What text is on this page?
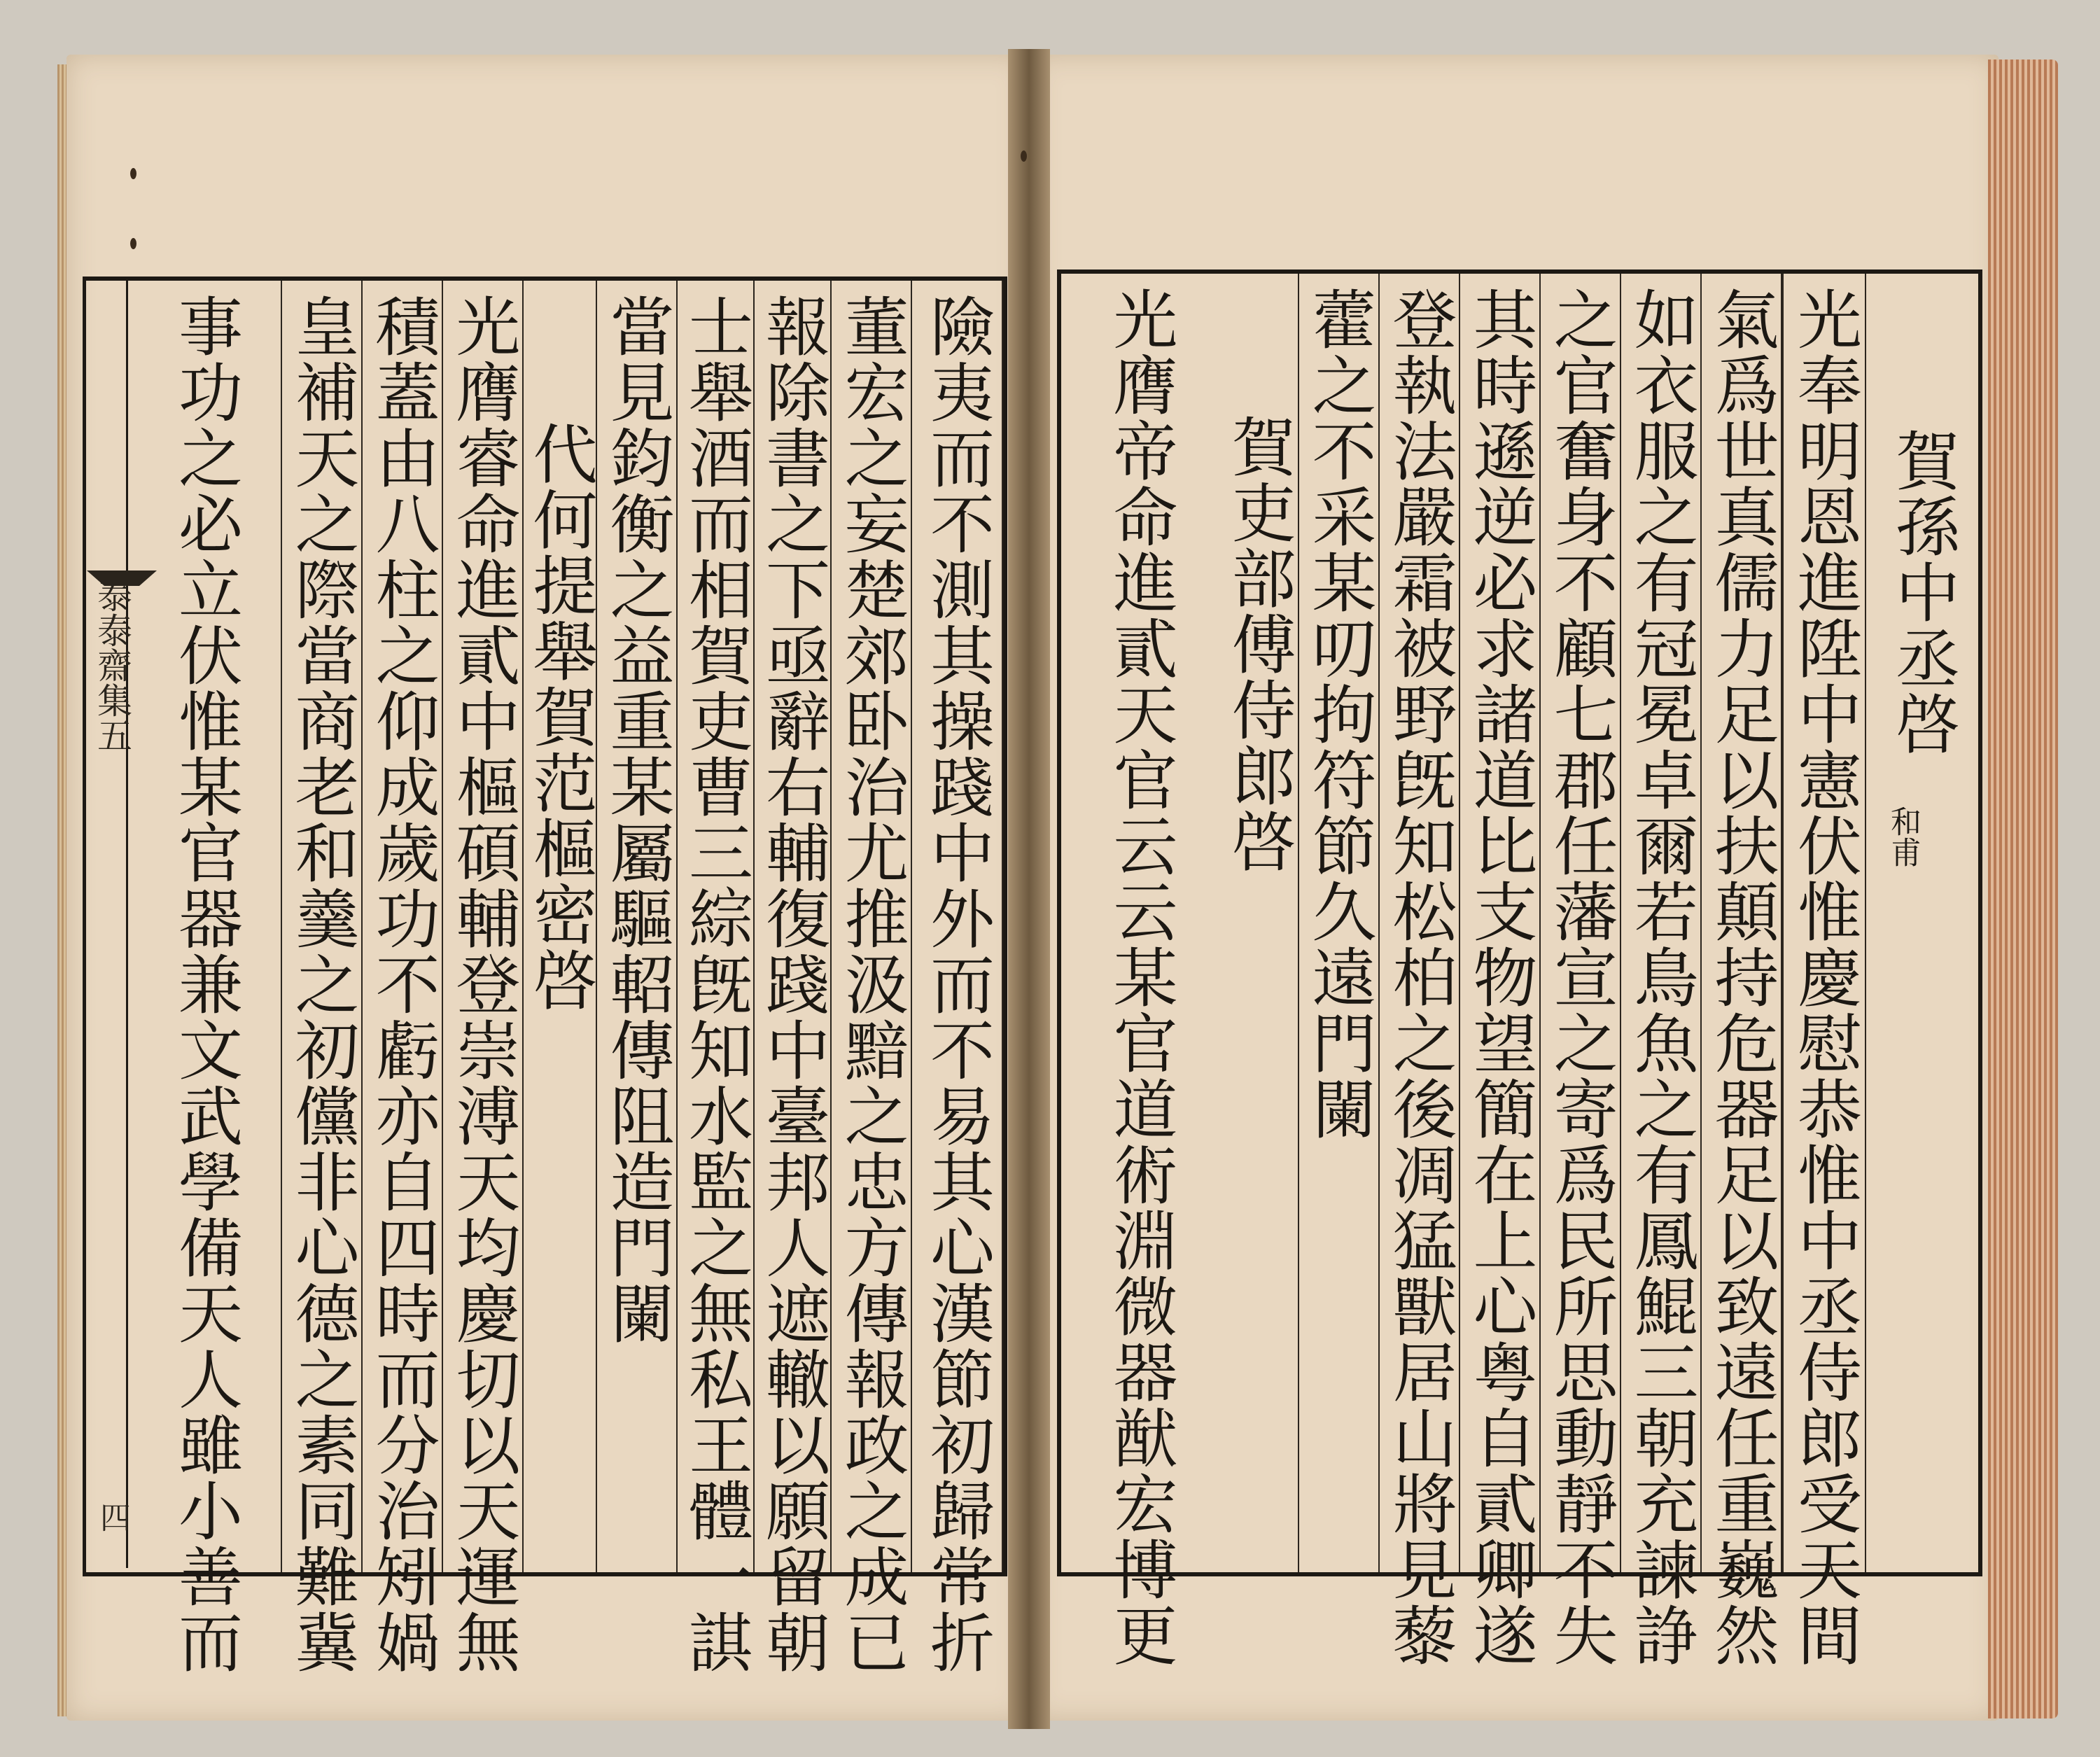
險夷而不測其操踐中外而不易其心漢節初歸常折
董宏之妄楚郊卧治尤推汲黯之忠方傳報政之成已
報除書之下亟辭右輔復踐中臺邦人遮轍以願留朝
士舉酒而相賀吏曹三綜旣知水監之無私王體一諆
當見鈞衡之益重某屬驅軺傳阻造門闌
代何提舉賀范樞密啓
光膺睿命進貳中樞碩輔登崇溥天均慶切以天運無
積蓋由八柱之仰成歲功不虧亦自四時而分治矧媧
皇補天之際當商老和羹之初儻非心德之素同難冀
事功之必立伏惟某官器兼文武學備天人雖小善而
泰泰齋集五
四
賀孫中丞啓
和甫
光奉明恩進陞中憲伏惟慶慰恭惟中丞侍郎受天間
氣爲世真儒力足以扶顛持危器足以致遠任重巍然
如衣服之有冠冕卓爾若鳥魚之有鳳鯤三朝充諫諍
之官奮身不顧七郡任藩宣之寄爲民所思動靜不失
其時遜逆必求諸道比支物望簡在上心粤自貳卿遂
登執法嚴霜被野旣知松柏之後凋猛獸居山將見藜
藿之不采某叨拘符節久遠門闌
賀吏部傅侍郎啓
光膺帝命進貳天官云云某官道術淵微器猷宏博更
